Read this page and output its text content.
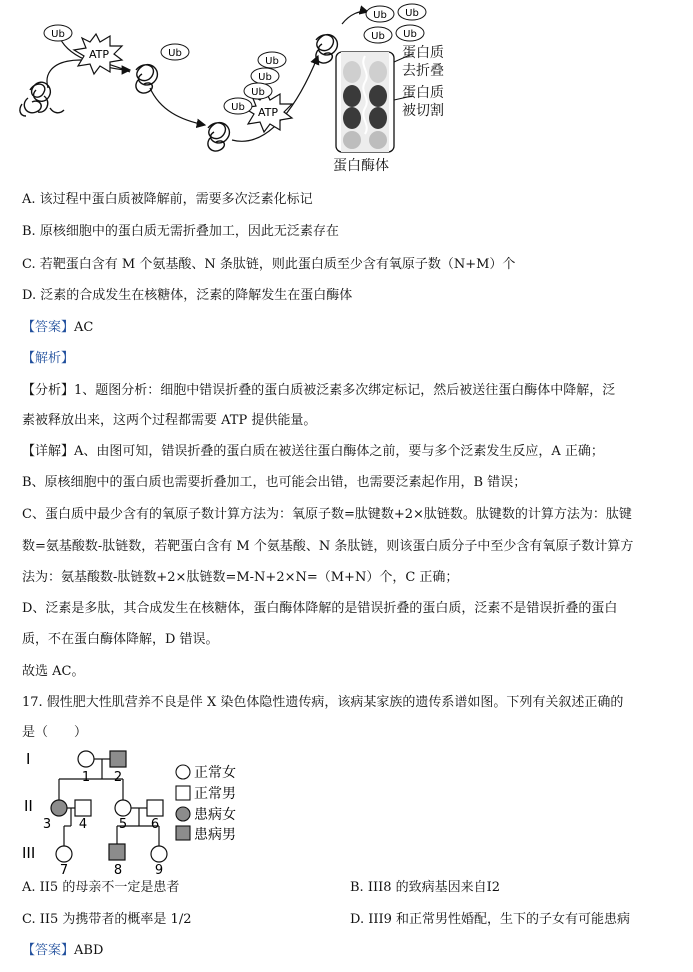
ATP
ATP
Ub
Ub
Ub
Ub
Ub
Ub
Ub Ub
Ub Ub
蛋白质
去折叠
蛋白质
被切割
蛋白酶体
A. 该过程中蛋白质被降解前，需要多次泛素化标记
B. 原核细胞中的蛋白质无需折叠加工，因此无泛素存在
C. 若靶蛋白含有 M 个氨基酸、N 条肽链，则此蛋白质至少含有氧原子数（N+M）个
D. 泛素的合成发生在核糖体，泛素的降解发生在蛋白酶体
【答案】AC
【解析】
【分析】1、题图分析：细胞中错误折叠的蛋白质被泛素多次绑定标记，然后被送往蛋白酶体中降解，泛
素被释放出来，这两个过程都需要 ATP 提供能量。
【详解】A、由图可知，错误折叠的蛋白质在被送往蛋白酶体之前，要与多个泛素发生反应，A 正确；
B、原核细胞中的蛋白质也需要折叠加工，也可能会出错，也需要泛素起作用，B 错误；
C、蛋白质中最少含有的氧原子数计算方法为：氧原子数=肽键数+2×肽链数。肽键数的计算方法为：肽键
数=氨基酸数-肽链数，若靶蛋白含有 M 个氨基酸、N 条肽链，则该蛋白质分子中至少含有氧原子数计算方
法为：氨基酸数-肽链数+2×肽链数=M-N+2×N=（M+N）个，C 正确；
D、泛素是多肽，其合成发生在核糖体，蛋白酶体降解的是错误折叠的蛋白质，泛素不是错误折叠的蛋白
质，不在蛋白酶体降解，D 错误。
故选 AC。
17. 假性肥大性肌营养不良是伴 X 染色体隐性遗传病，该病某家族的遗传系谱如图。下列有关叙述正确的
是（　　）
I
II
III
1 2
3 4 5 6
7	8	9
正常女
正常男
患病女
患病男
A. II5 的母亲不一定是患者	B. III8 的致病基因来自I2
C. II5 为携带者的概率是 1/2	D. III9 和正常男性婚配，生下的子女有可能患病
【答案】ABD
